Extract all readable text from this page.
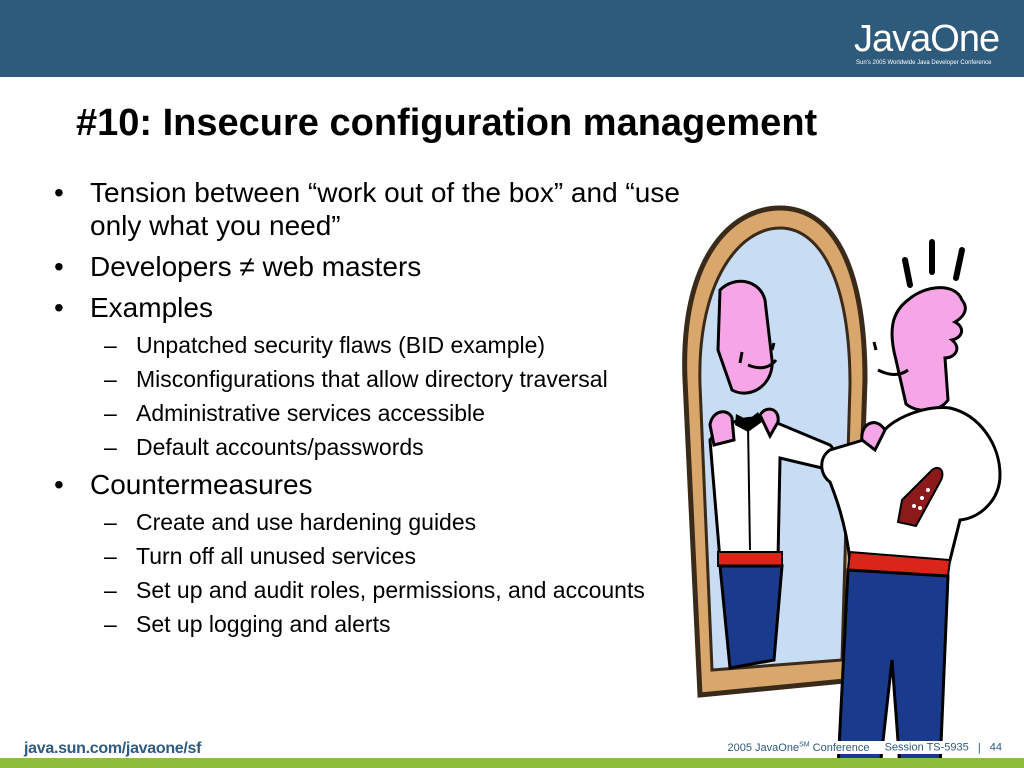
JavaOne
Sun's 2005 Worldwide Java Developer Conference
#10: Insecure configuration management
• Tension between “work out of the box” and “use only what you need”
• Developers ≠ web masters
• Examples
– Unpatched security flaws (BID example)
– Misconfigurations that allow directory traversal
– Administrative services accessible
– Default accounts/passwords
• Countermeasures
– Create and use hardening guides
– Turn off all unused services
– Set up and audit roles, permissions, and accounts
– Set up logging and alerts
java.sun.com/javaone/sf	2005 JavaOne℠ Conference Session TS-5935 | 44
